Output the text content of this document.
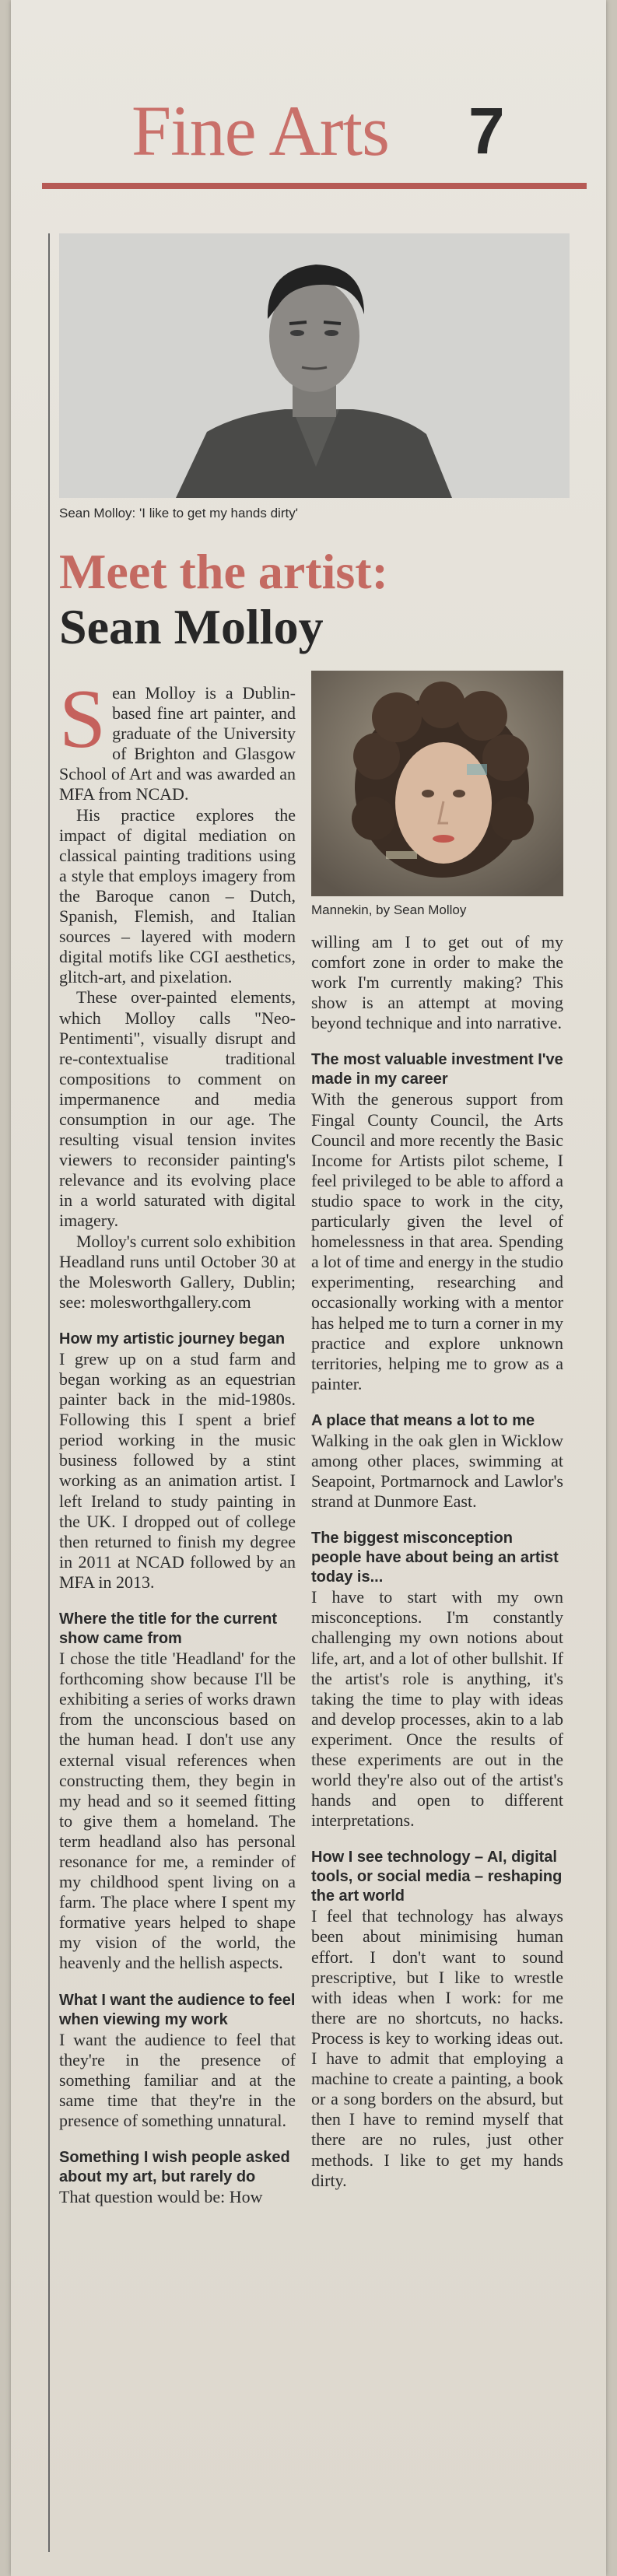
Fine Arts 7
Sean Molloy: 'I like to get my hands dirty'
Meet the artist:
Sean Molloy

Sean Molloy is a Dublin-based fine art painter, and graduate of the University of Brighton and Glasgow School of Art and was awarded an MFA from NCAD.

His practice explores the impact of digital mediation on classical painting traditions using a style that employs imagery from the Baroque canon – Dutch, Spanish, Flemish, and Italian sources – layered with modern digital motifs like CGI aesthetics, glitch-art, and pixelation.

These over-painted elements, which Molloy calls "Neo-Pentimenti", visually disrupt and re-contextualise traditional compositions to comment on impermanence and media consumption in our age. The resulting visual tension invites viewers to reconsider painting's relevance and its evolving place in a world saturated with digital imagery.

Molloy's current solo exhibition Headland runs until October 30 at the Molesworth Gallery, Dublin; see: molesworthgallery.com

How my artistic journey began

I grew up on a stud farm and began working as an equestrian painter back in the mid-1980s. Following this I spent a brief period working in the music business followed by a stint working as an animation artist. I left Ireland to study painting in the UK. I dropped out of college then returned to finish my degree in 2011 at NCAD followed by an MFA in 2013.

Where the title for the current show came from

I chose the title 'Headland' for the forthcoming show because I'll be exhibiting a series of works drawn from the unconscious based on the human head. I don't use any external visual references when constructing them, they begin in my head and so it seemed fitting to give them a homeland. The term headland also has personal resonance for me, a reminder of my childhood spent living on a farm. The place where I spent my formative years helped to shape my vision of the world, the heavenly and the hellish aspects.

What I want the audience to feel when viewing my work

I want the audience to feel that they're in the presence of something familiar and at the same time that they're in the presence of something unnatural.

Something I wish people asked about my art, but rarely do

That question would be: How

Mannekin, by Sean Molloy

willing am I to get out of my comfort zone in order to make the work I'm currently making? This show is an attempt at moving beyond technique and into narrative.

The most valuable investment I've made in my career

With the generous support from Fingal County Council, the Arts Council and more recently the Basic Income for Artists pilot scheme, I feel privileged to be able to afford a studio space to work in the city, particularly given the level of homelessness in that area. Spending a lot of time and energy in the studio experimenting, researching and occasionally working with a mentor has helped me to turn a corner in my practice and explore unknown territories, helping me to grow as a painter.

A place that means a lot to me

Walking in the oak glen in Wicklow among other places, swimming at Seapoint, Portmarnock and Lawlor's strand at Dunmore East.

The biggest misconception people have about being an artist today is...

I have to start with my own misconceptions. I'm constantly challenging my own notions about life, art, and a lot of other bullshit. If the artist's role is anything, it's taking the time to play with ideas and develop processes, akin to a lab experiment. Once the results of these experiments are out in the world they're also out of the artist's hands and open to different interpretations.

How I see technology – AI, digital tools, or social media – reshaping the art world

I feel that technology has always been about minimising human effort. I don't want to sound prescriptive, but I like to wrestle with ideas when I work: for me there are no shortcuts, no hacks. Process is key to working ideas out. I have to admit that employing a machine to create a painting, a book or a song borders on the absurd, but then I have to remind myself that there are no rules, just other methods. I like to get my hands dirty.
